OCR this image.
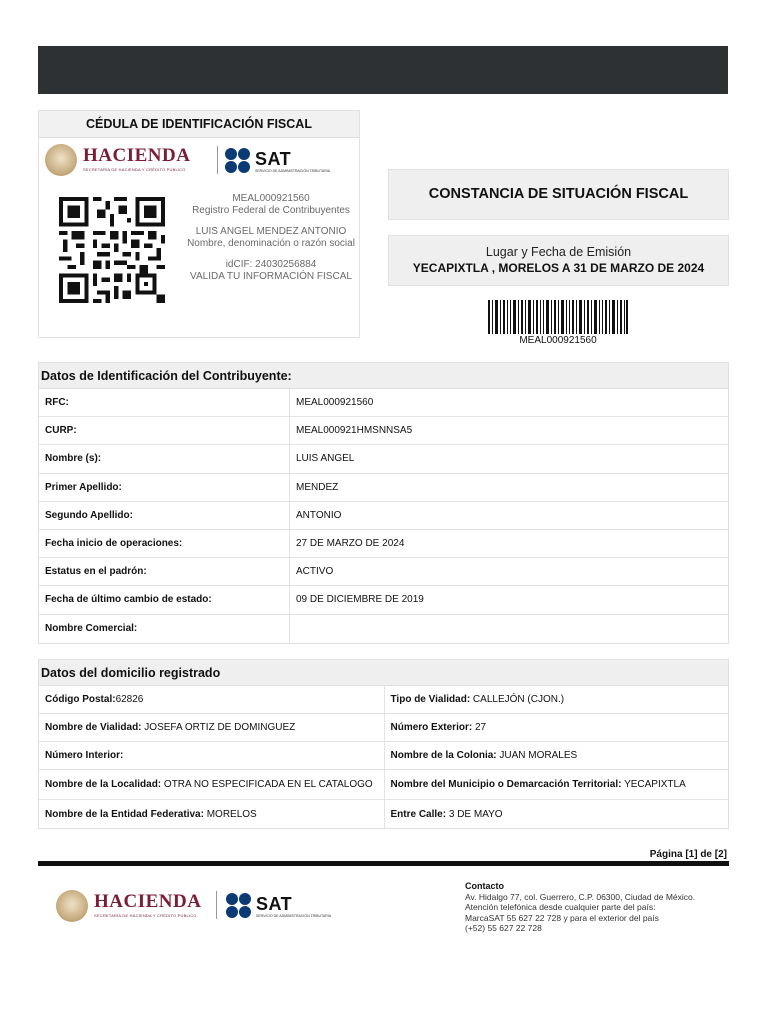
CÉDULA DE IDENTIFICACIÓN FISCAL
HACIENDA
SECRETARÍA DE HACIENDA Y CRÉDITO PÚBLICO
SAT
SERVICIO DE ADMINISTRACIÓN TRIBUTARIA
MEAL000921560
Registro Federal de Contribuyentes
LUIS ANGEL MENDEZ ANTONIO
Nombre, denominación o razón social
idCIF: 24030256884
VALIDA TU INFORMACIÓN FISCAL
CONSTANCIA DE SITUACIÓN FISCAL
Lugar y Fecha de Emisión
YECAPIXTLA , MORELOS A 31 DE MARZO DE 2024
MEAL000921560
Datos de Identificación del Contribuyente:
RFC:	MEAL000921560
CURP:	MEAL000921HMSNNSA5
Nombre (s):	LUIS ANGEL
Primer Apellido:	MENDEZ
Segundo Apellido:	ANTONIO
Fecha inicio de operaciones:	27 DE MARZO DE 2024
Estatus en el padrón:	ACTIVO
Fecha de último cambio de estado:	09 DE DICIEMBRE DE 2019
Nombre Comercial:
Datos del domicilio registrado
Código Postal:62826	Tipo de Vialidad: CALLEJÓN (CJON.)
Nombre de Vialidad: JOSEFA ORTIZ DE DOMINGUEZ	Número Exterior: 27
Número Interior:	Nombre de la Colonia: JUAN MORALES
Nombre de la Localidad: OTRA NO ESPECIFICADA EN EL CATALOGO Nombre del Municipio o Demarcación Territorial: YECAPIXTLA
Nombre de la Entidad Federativa: MORELOS	Entre Calle: 3 DE MAYO
Página [1] de [2]
HACIENDA
SECRETARÍA DE HACIENDA Y CRÉDITO PÚBLICO
SAT
SERVICIO DE ADMINISTRACIÓN TRIBUTARIA
Contacto
Av. Hidalgo 77, col. Guerrero, C.P. 06300, Ciudad de México.
Atención telefónica desde cualquier parte del país:
MarcaSAT 55 627 22 728 y para el exterior del país
(+52) 55 627 22 728
